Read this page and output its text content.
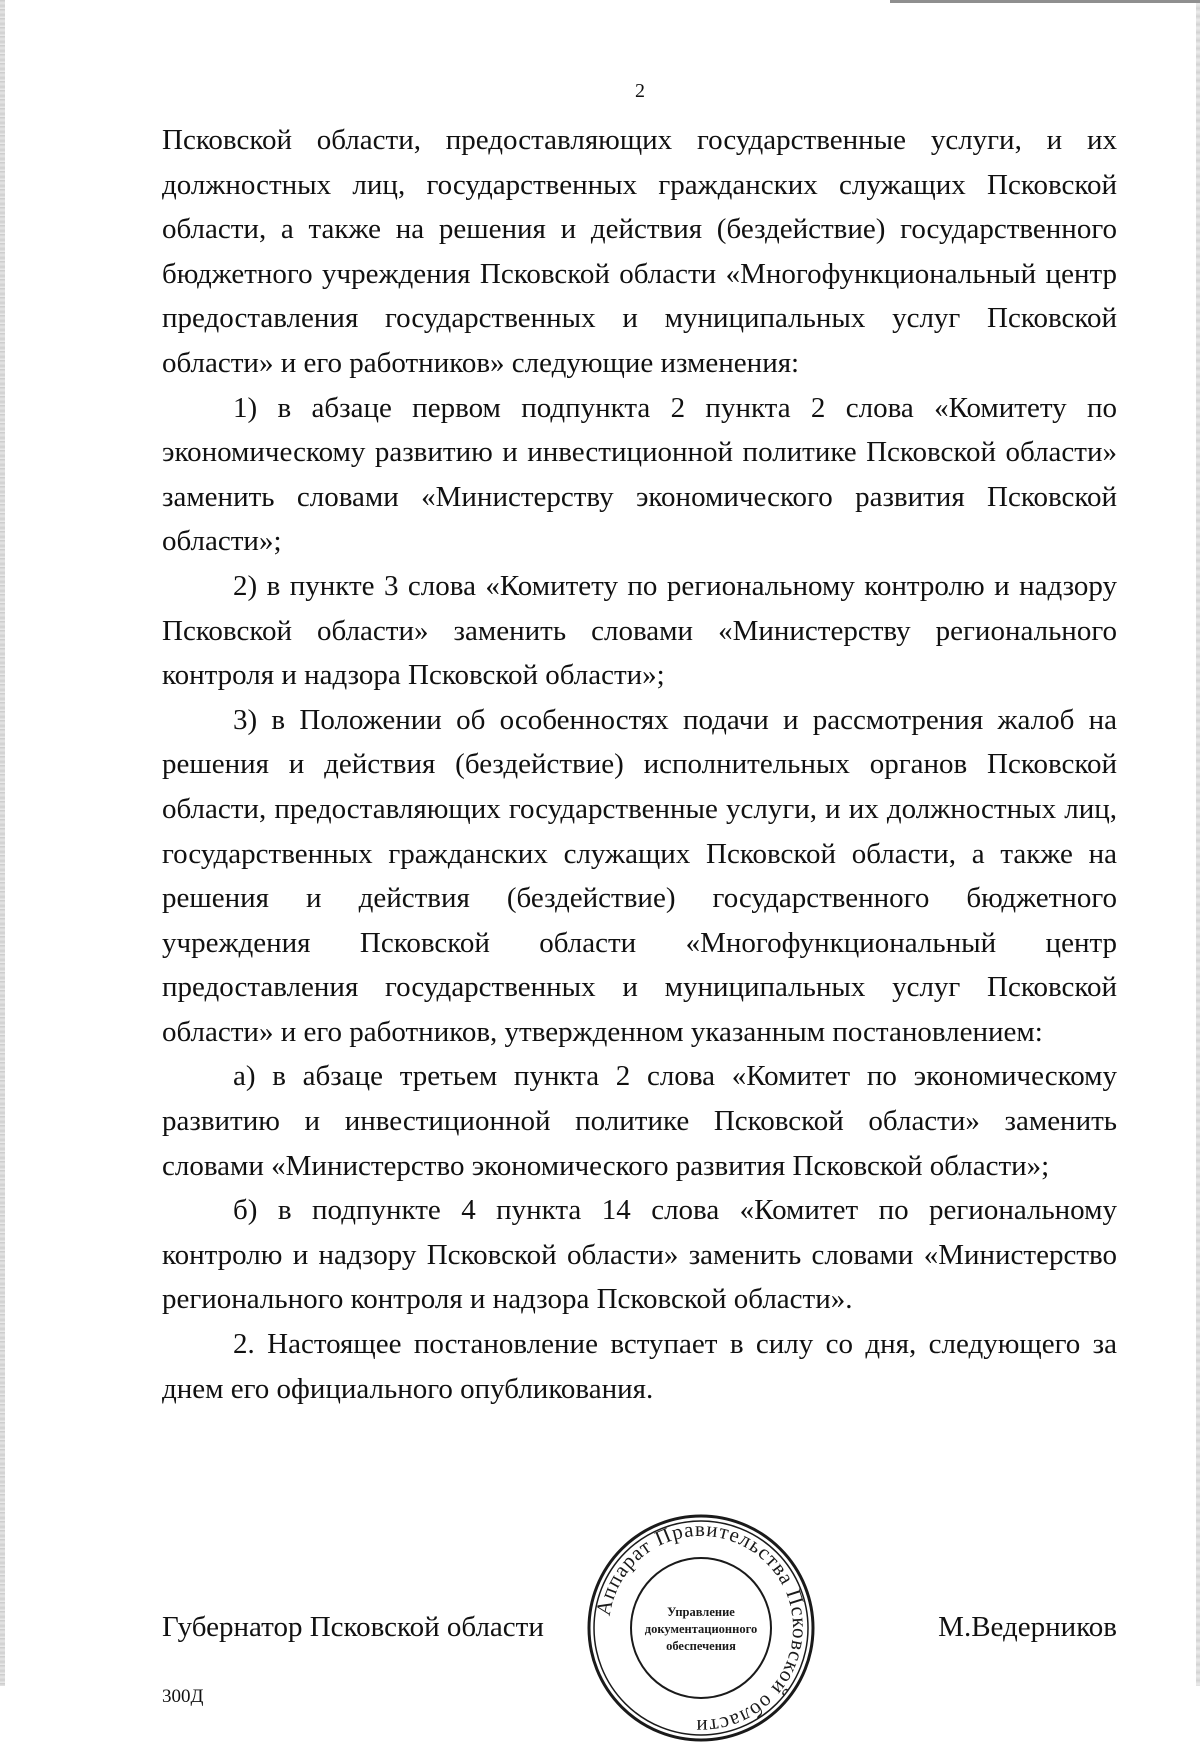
2

Псковской области, предоставляющих государственные услуги, и их должностных лиц, государственных гражданских служащих Псковской области, а также на решения и действия (бездействие) государственного бюджетного учреждения Псковской области «Многофункциональный центр предоставления государственных и муниципальных услуг Псковской области» и его работников» следующие изменения:

1) в абзаце первом подпункта 2 пункта 2 слова «Комитету по экономическому развитию и инвестиционной политике Псковской области» заменить словами «Министерству экономического развития Псковской области»;

2) в пункте 3 слова «Комитету по региональному контролю и надзору Псковской области» заменить словами «Министерству регионального контроля и надзора Псковской области»;

3) в Положении об особенностях подачи и рассмотрения жалоб на решения и действия (бездействие) исполнительных органов Псковской области, предоставляющих государственные услуги, и их должностных лиц, государственных гражданских служащих Псковской области, а также на решения и действия (бездействие) государственного бюджетного учреждения Псковской области «Многофункциональный центр предоставления государственных и муниципальных услуг Псковской области» и его работников, утвержденном указанным постановлением:

а) в абзаце третьем пункта 2 слова «Комитет по экономическому развитию и инвестиционной политике Псковской области» заменить словами «Министерство экономического развития Псковской области»;

б) в подпункте 4 пункта 14 слова «Комитет по региональному контролю и надзору Псковской области» заменить словами «Министерство регионального контроля и надзора Псковской области».

2. Настоящее постановление вступает в силу со дня, следующего за днем его официального опубликования.

Губернатор Псковской области	М.Ведерников
Аппарат Правительства Псковской области
Управление
документационного
обеспечения
300Д
